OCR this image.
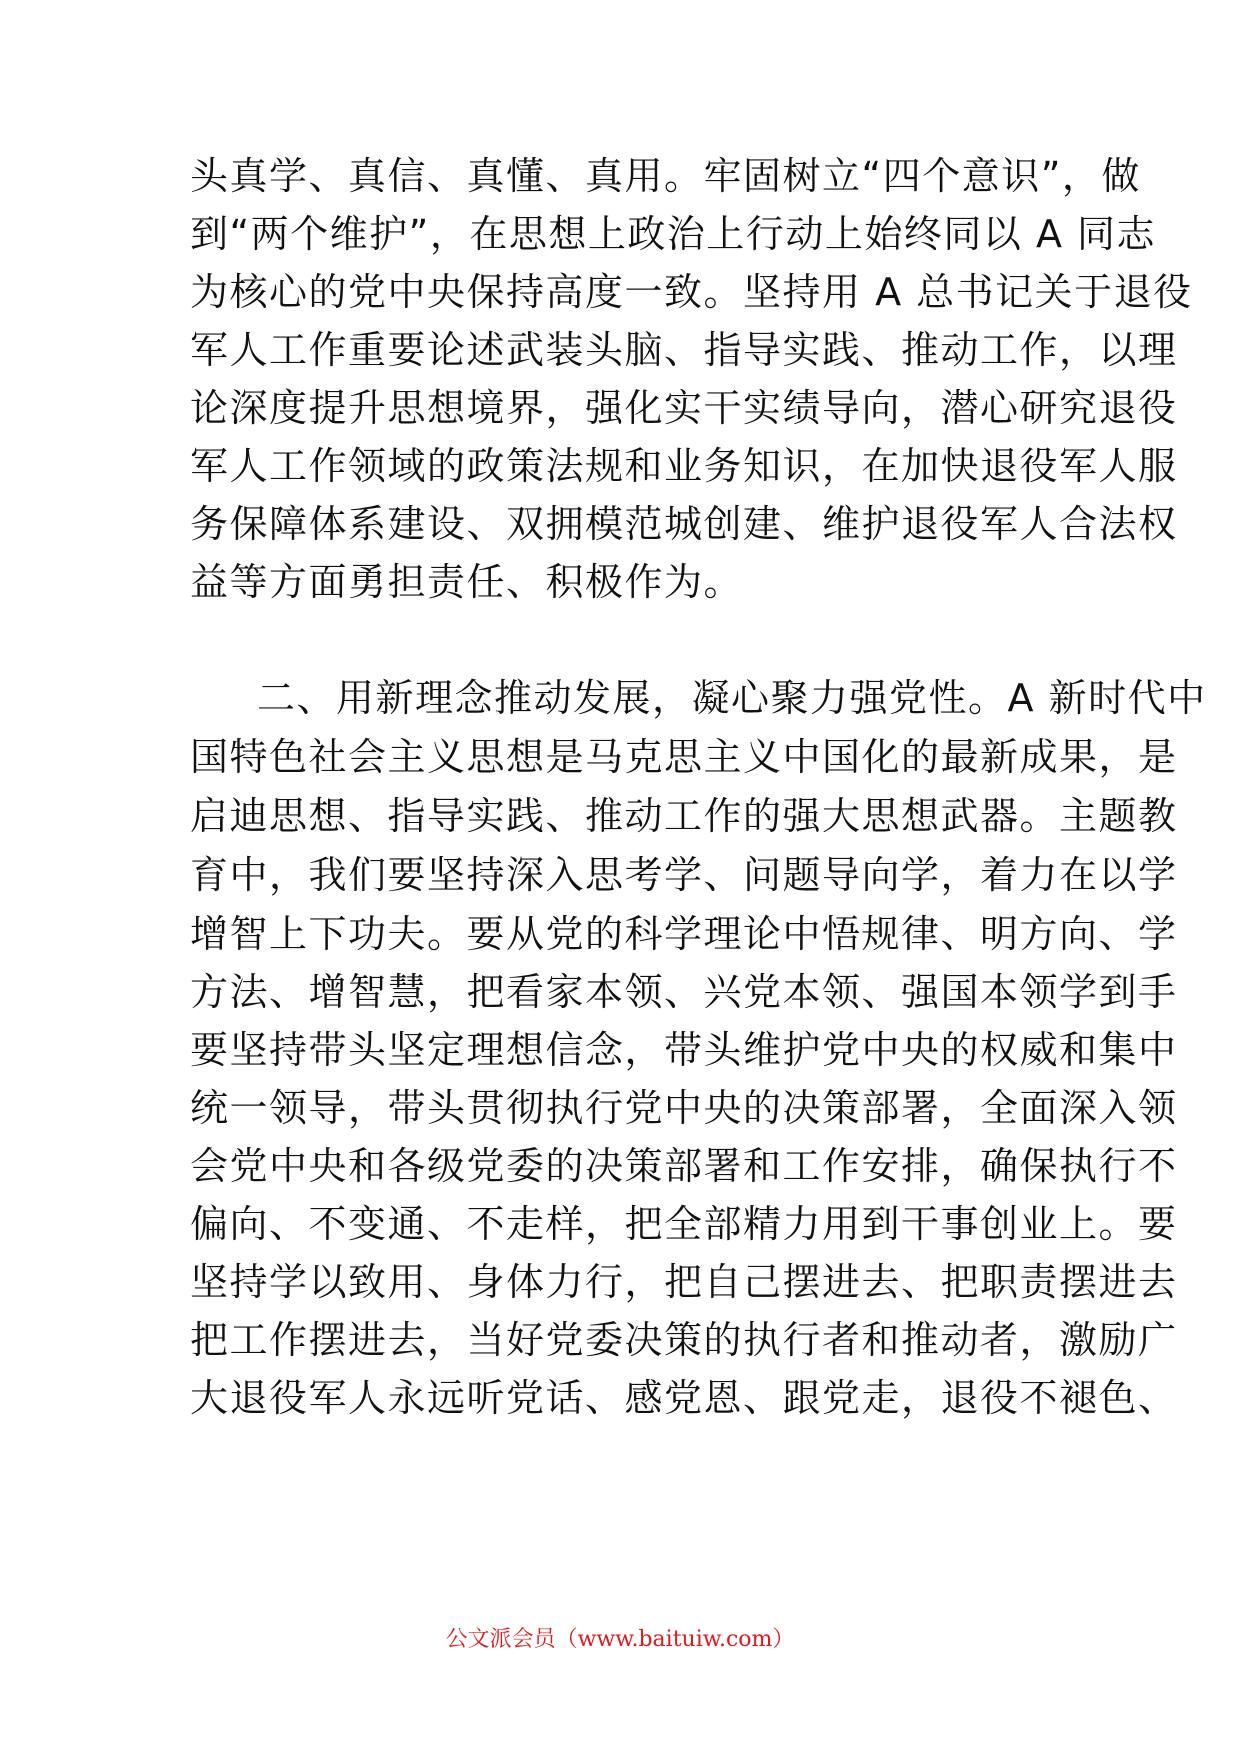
头真学、真信、真懂、真用。牢固树立“四个意识”，做
到“两个维护”，在思想上政治上行动上始终同以 A 同志
为核心的党中央保持高度一致。坚持用 A 总书记关于退役
军人工作重要论述武装头脑、指导实践、推动工作，以理
论深度提升思想境界，强化实干实绩导向，潜心研究退役
军人工作领域的政策法规和业务知识，在加快退役军人服
务保障体系建设、双拥模范城创建、维护退役军人合法权
益等方面勇担责任、积极作为。
二、用新理念推动发展，凝心聚力强党性。A 新时代中
国特色社会主义思想是马克思主义中国化的最新成果，是
启迪思想、指导实践、推动工作的强大思想武器。主题教
育中，我们要坚持深入思考学、问题导向学，着力在以学
增智上下功夫。要从党的科学理论中悟规律、明方向、学
方法、增智慧，把看家本领、兴党本领、强国本领学到手
要坚持带头坚定理想信念，带头维护党中央的权威和集中
统一领导，带头贯彻执行党中央的决策部署，全面深入领
会党中央和各级党委的决策部署和工作安排，确保执行不
偏向、不变通、不走样，把全部精力用到干事创业上。要
坚持学以致用、身体力行，把自己摆进去、把职责摆进去
把工作摆进去，当好党委决策的执行者和推动者，激励广
大退役军人永远听党话、感党恩、跟党走，退役不褪色、
公文派会员（www.baituiw.com）
